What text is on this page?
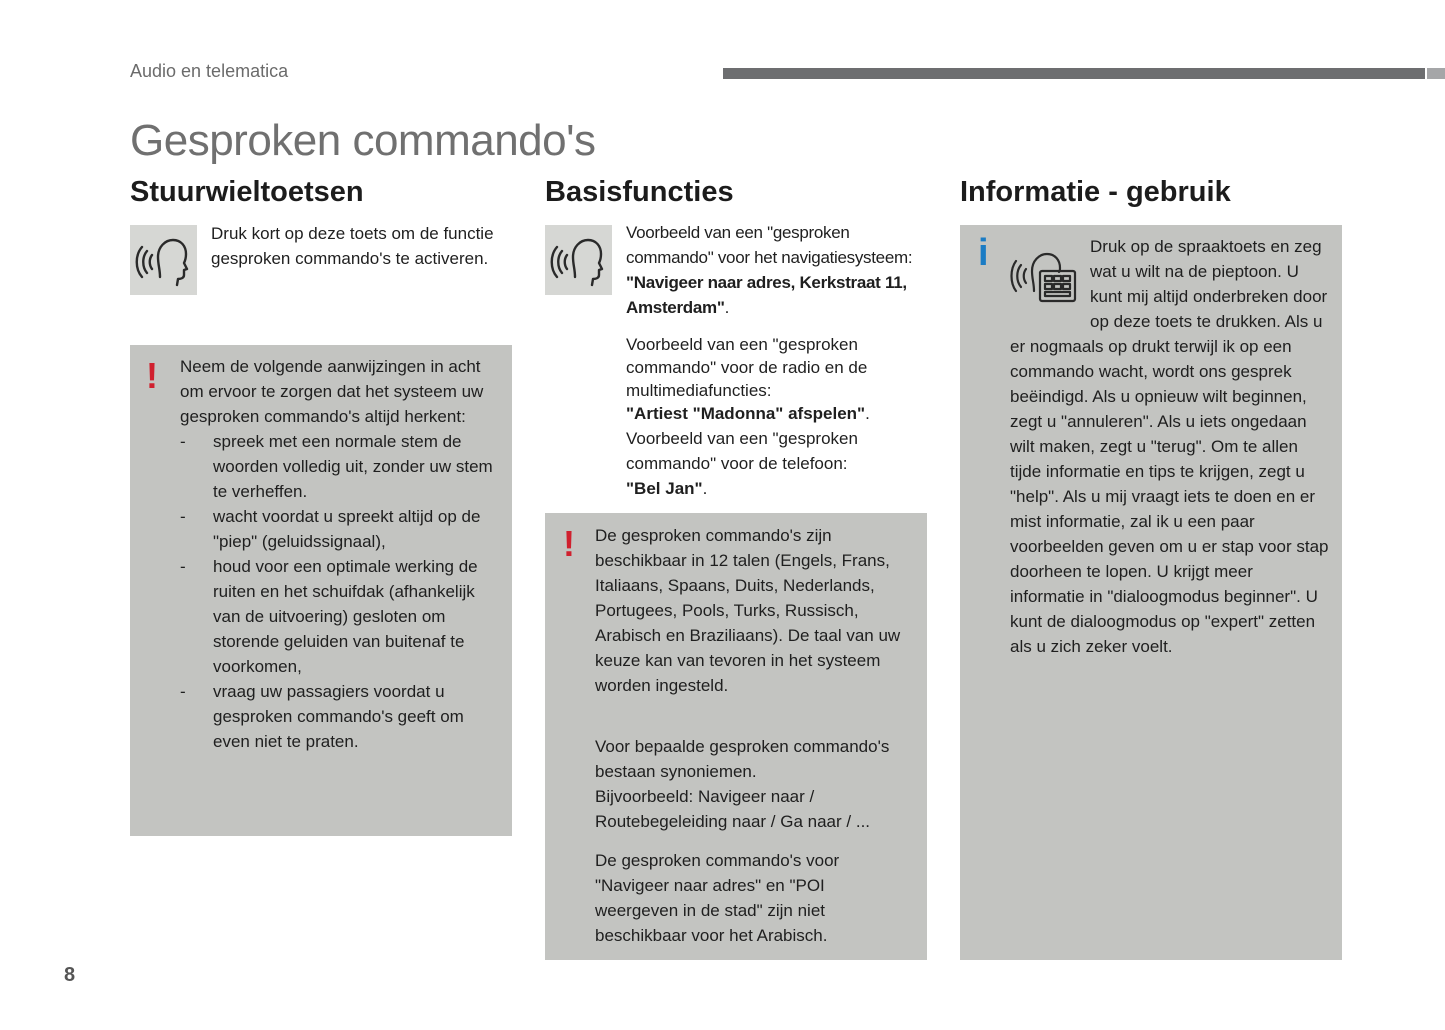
Audio en telematica
Gesproken commando's
Stuurwieltoetsen
Druk kort op deze toets om de functie gesproken commando's te activeren.
! Neem de volgende aanwijzingen in acht om ervoor te zorgen dat het systeem uw gesproken commando's altijd herkent:

- spreek met een normale stem de woorden volledig uit, zonder uw stem te verheffen.
- wacht voordat u spreekt altijd op de "piep" (geluidssignaal),
- houd voor een optimale werking de ruiten en het schuifdak (afhankelijk van de uitvoering) gesloten om storende geluiden van buitenaf te voorkomen,
- vraag uw passagiers voordat u gesproken commando's geeft om even niet te praten.
Basisfuncties

Voorbeeld van een "gesproken commando" voor het navigatiesysteem:

"Navigeer naar adres, Kerkstraat 11, Amsterdam".

Voorbeeld van een "gesproken commando" voor de radio en de multimediafuncties:

"Artiest "Madonna" afspelen".

Voorbeeld van een "gesproken commando" voor de telefoon:

"Bel Jan".

! De gesproken commando's zijn beschikbaar in 12 talen (Engels, Frans, Italiaans, Spaans, Duits, Nederlands, Portugees, Pools, Turks, Russisch, Arabisch en Braziliaans). De taal van uw keuze kan van tevoren in het systeem worden ingesteld.

Voor bepaalde gesproken commando's bestaan synoniemen.

Bijvoorbeeld: Navigeer naar / Routebegeleiding naar / Ga naar / ...

De gesproken commando's voor "Navigeer naar adres" en "POI weergeven in de stad" zijn niet beschikbaar voor het Arabisch.
Informatie - gebruik
i	Druk op de spraaktoets en zeg wat u wilt na de pieptoon. U kunt mij altijd onderbreken door op deze toets te drukken. Als u er nogmaals op drukt terwijl ik op een commando wacht, wordt ons gesprek beëindigd. Als u opnieuw wilt beginnen, zegt u "annuleren". Als u iets ongedaan wilt maken, zegt u "terug". Om te allen tijde informatie en tips te krijgen, zegt u "help". Als u mij vraagt iets te doen en er mist informatie, zal ik u een paar voorbeelden geven om u er stap voor stap doorheen te lopen. U krijgt meer informatie in "dialoogmodus beginner". U kunt de dialoogmodus op "expert" zetten als u zich zeker voelt.
8
